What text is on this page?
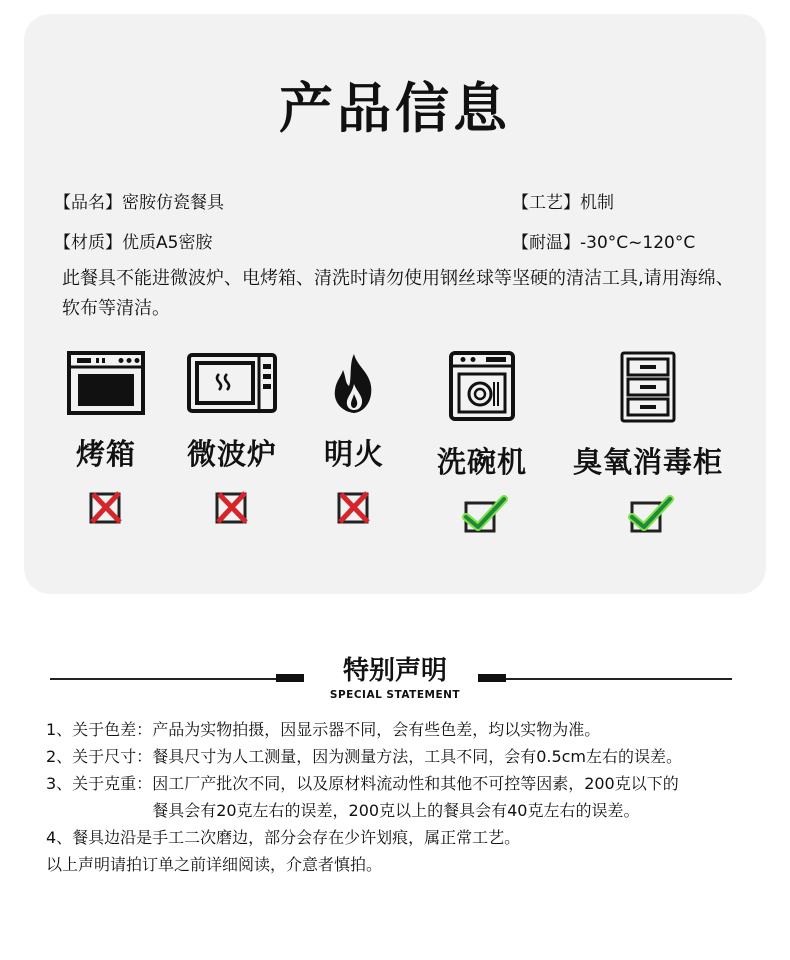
产品信息
【品名】密胺仿瓷餐具	【工艺】机制
【材质】优质A5密胺	【耐温】-30°C~120°C
此餐具不能进微波炉、电烤箱、清洗时请勿使用钢丝球等坚硬的清洁工具,请用海绵、软布等清洁。
烤箱	微波炉	明火	洗碗机	臭氧消毒柜
特别声明
SPECIAL STATEMENT
1、关于色差： 产品为实物拍摄，因显示器不同，会有些色差，均以实物为准。
2、关于尺寸： 餐具尺寸为人工测量，因为测量方法，工具不同，会有0.5cm左右的误差。
3、关于克重： 因工厂产批次不同，以及原材料流动性和其他不可控等因素，200克以下的餐具会有20克左右的误差，200克以上的餐具会有40克左右的误差。
4、餐具边沿是手工二次磨边，部分会存在少许划痕，属正常工艺。
以上声明请拍订单之前详细阅读，介意者慎拍。
